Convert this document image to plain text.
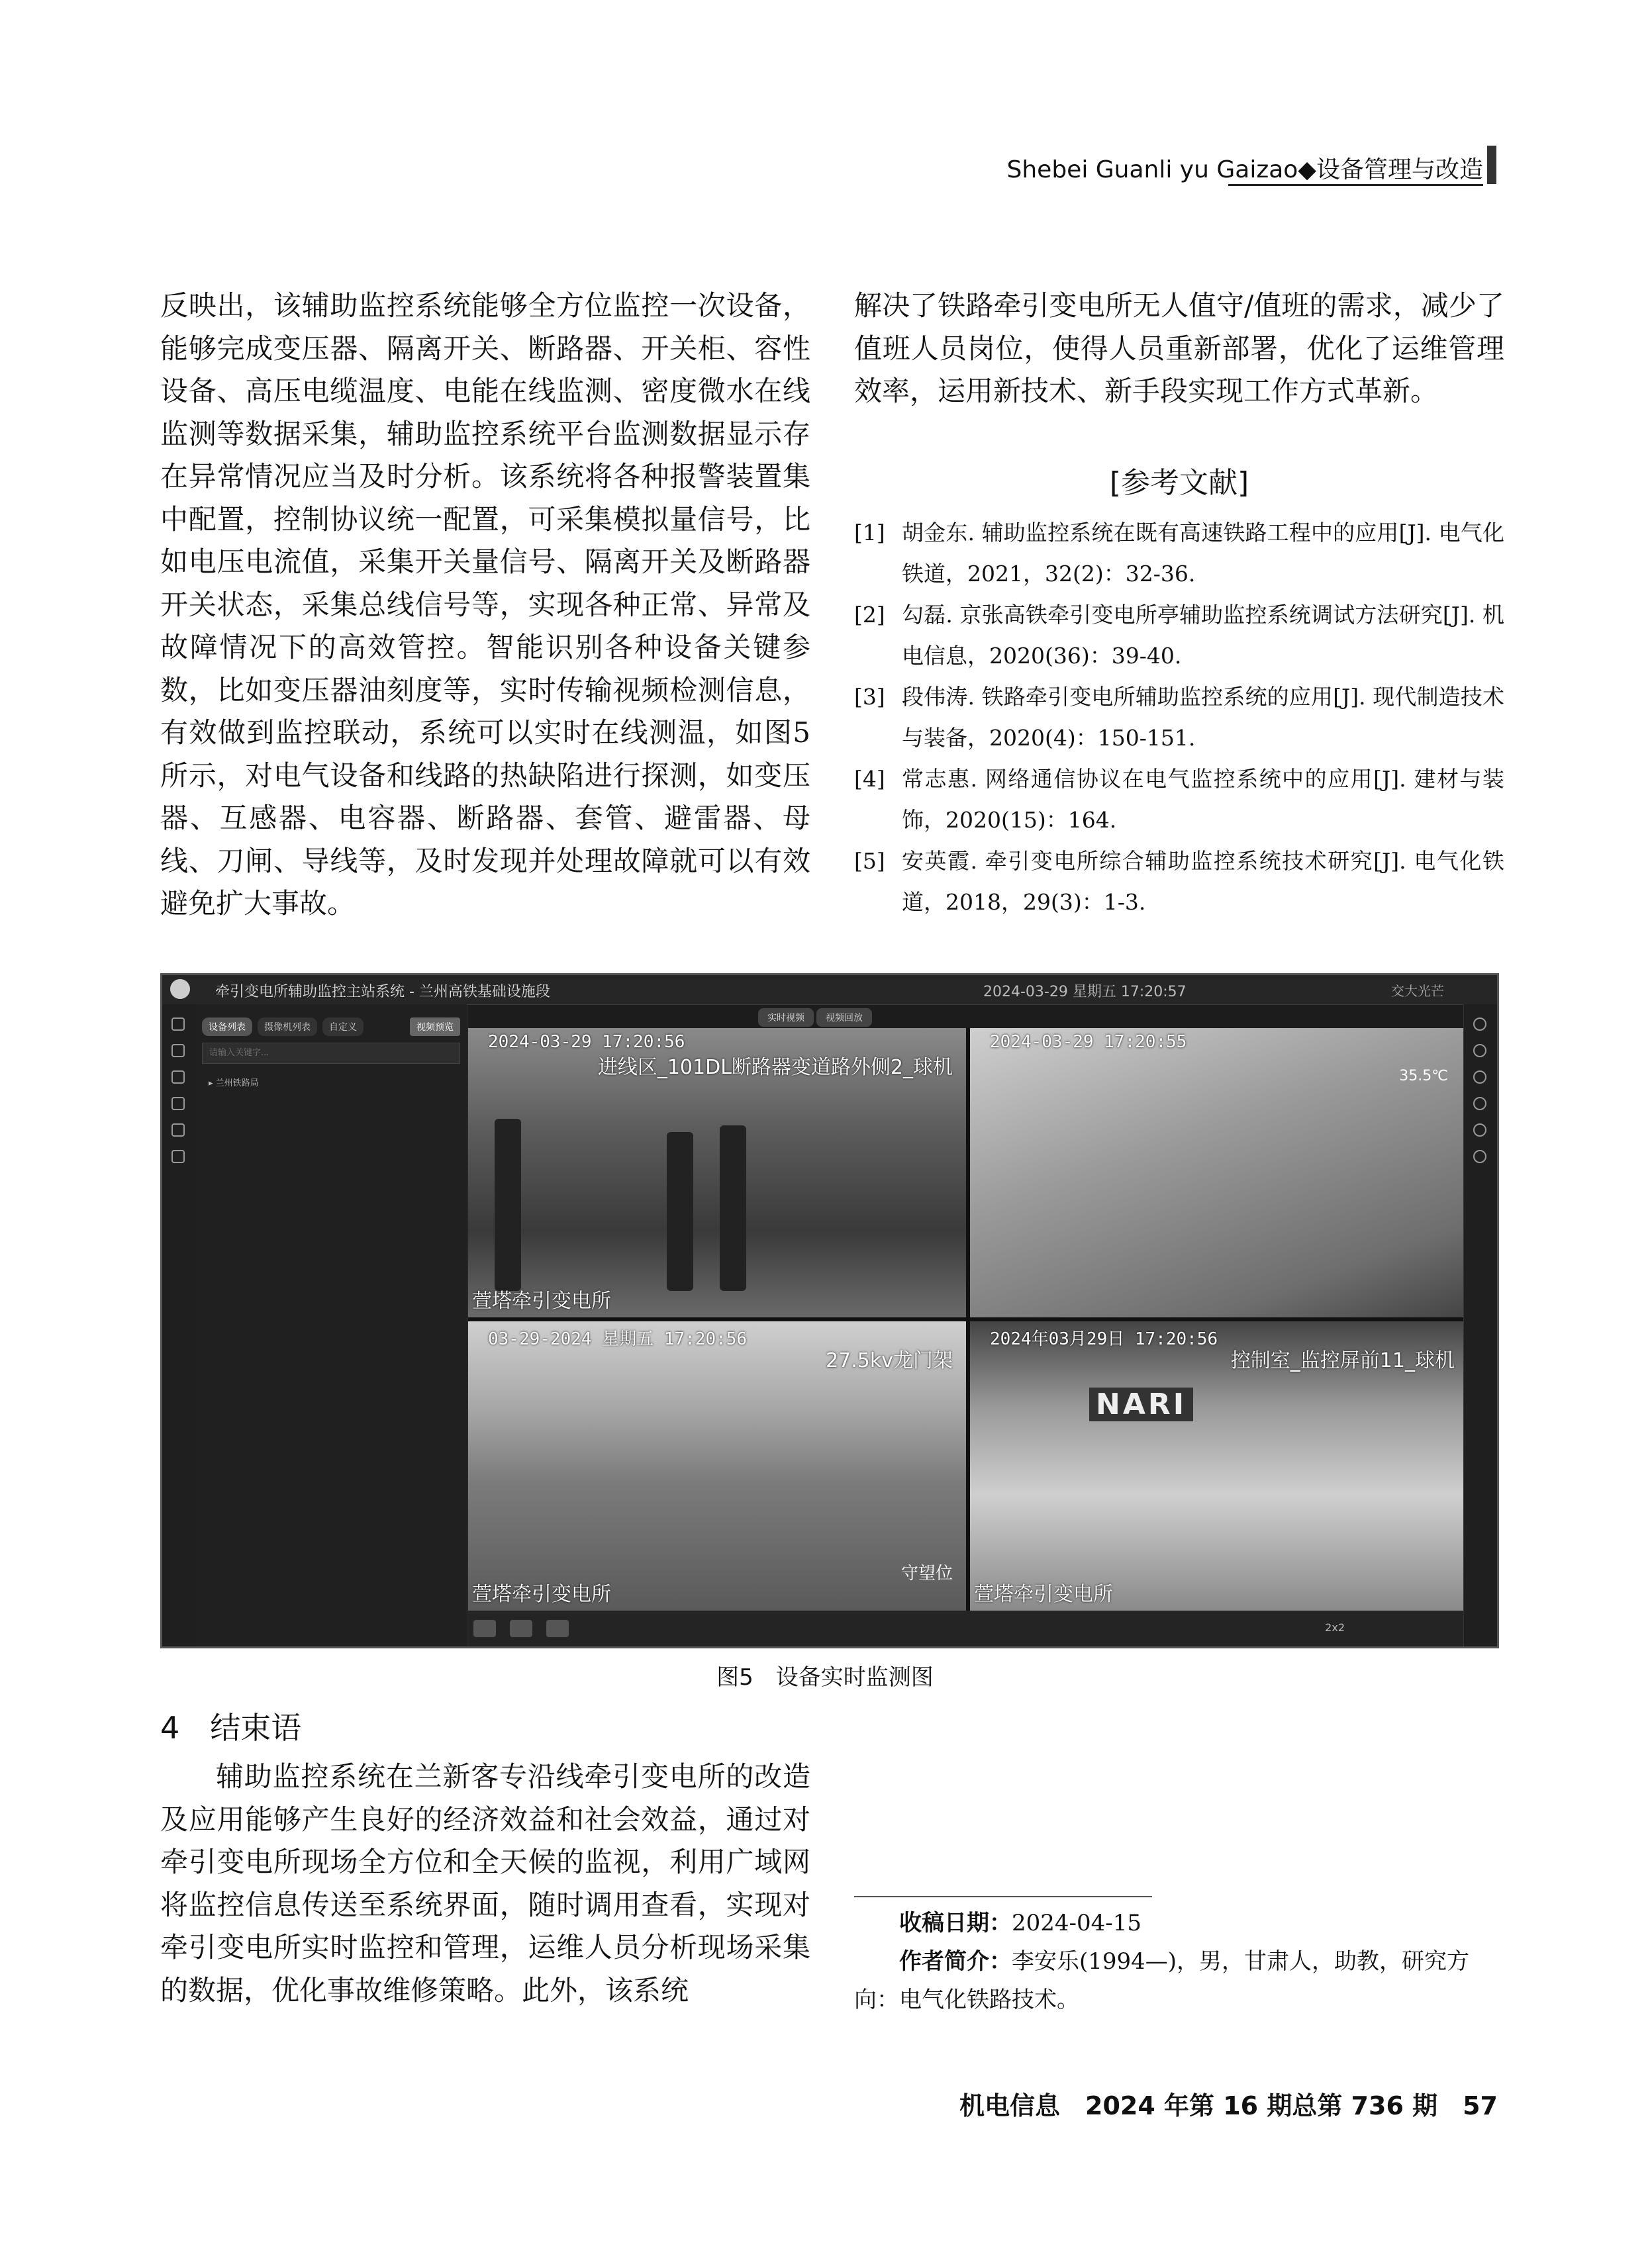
Shebei Guanli yu Gaizao◆设备管理与改造

反映出，该辅助监控系统能够全方位监控一次设备，能够完成变压器、隔离开关、断路器、开关柜、容性设备、高压电缆温度、电能在线监测、密度微水在线监测等数据采集，辅助监控系统平台监测数据显示存在异常情况应当及时分析。该系统将各种报警装置集中配置，控制协议统一配置，可采集模拟量信号，比如电压电流值，采集开关量信号、隔离开关及断路器开关状态，采集总线信号等，实现各种正常、异常及故障情况下的高效管控。智能识别各种设备关键参数，比如变压器油刻度等，实时传输视频检测信息，有效做到监控联动，系统可以实时在线测温，如图5所示，对电气设备和线路的热缺陷进行探测，如变压器、互感器、电容器、断路器、套管、避雷器、母线、刀闸、导线等，及时发现并处理故障就可以有效避免扩大事故。

解决了铁路牵引变电所无人值守/值班的需求，减少了值班人员岗位，使得人员重新部署，优化了运维管理效率，运用新技术、新手段实现工作方式革新。

[参考文献]
[1] 胡金东. 辅助监控系统在既有高速铁路工程中的应用[J]. 电气化铁道，2021，32(2)：32-36.
[2] 勾磊. 京张高铁牵引变电所亭辅助监控系统调试方法研究[J]. 机电信息，2020(36)：39-40.
[3] 段伟涛. 铁路牵引变电所辅助监控系统的应用[J]. 现代制造技术与装备，2020(4)：150-151.
[4] 常志惠. 网络通信协议在电气监控系统中的应用[J]. 建材与装饰，2020(15)：164.
[5] 安英霞. 牵引变电所综合辅助监控系统技术研究[J]. 电气化铁道，2018，29(3)：1-3.
牵引变电所辅助监控主站系统 - 兰州高铁基础设施段	2024-03-29 星期五 17:20:57	交大光芒
设备列表	摄像机列表	自定义	视频预览
请输入关键字...
▸ 兰州铁路局
实时视频	视频回放
2024-03-29 17:20:56
进线区_101DL断路器变道路外侧2_球机
萱塔牵引变电所
2024-03-29 17:20:55
35.5℃
03-29-2024 星期五 17:20:56
27.5kv龙门架
守望位
萱塔牵引变电所
NARI
2024年03月29日 17:20:56
控制室_监控屏前11_球机
萱塔牵引变电所

2x2
图5　设备实时监测图
4　结束语
辅助监控系统在兰新客专沿线牵引变电所的改造及应用能够产生良好的经济效益和社会效益，通过对牵引变电所现场全方位和全天候的监视，利用广域网将监控信息传送至系统界面，随时调用查看，实现对牵引变电所实时监控和管理，运维人员分析现场采集的数据，优化事故维修策略。此外，该系统

收稿日期：2024-04-15

作者简介：李安乐(1994—)，男，甘肃人，助教，研究方向：电气化铁路技术。

机电信息　2024 年第 16 期总第 736 期　57
